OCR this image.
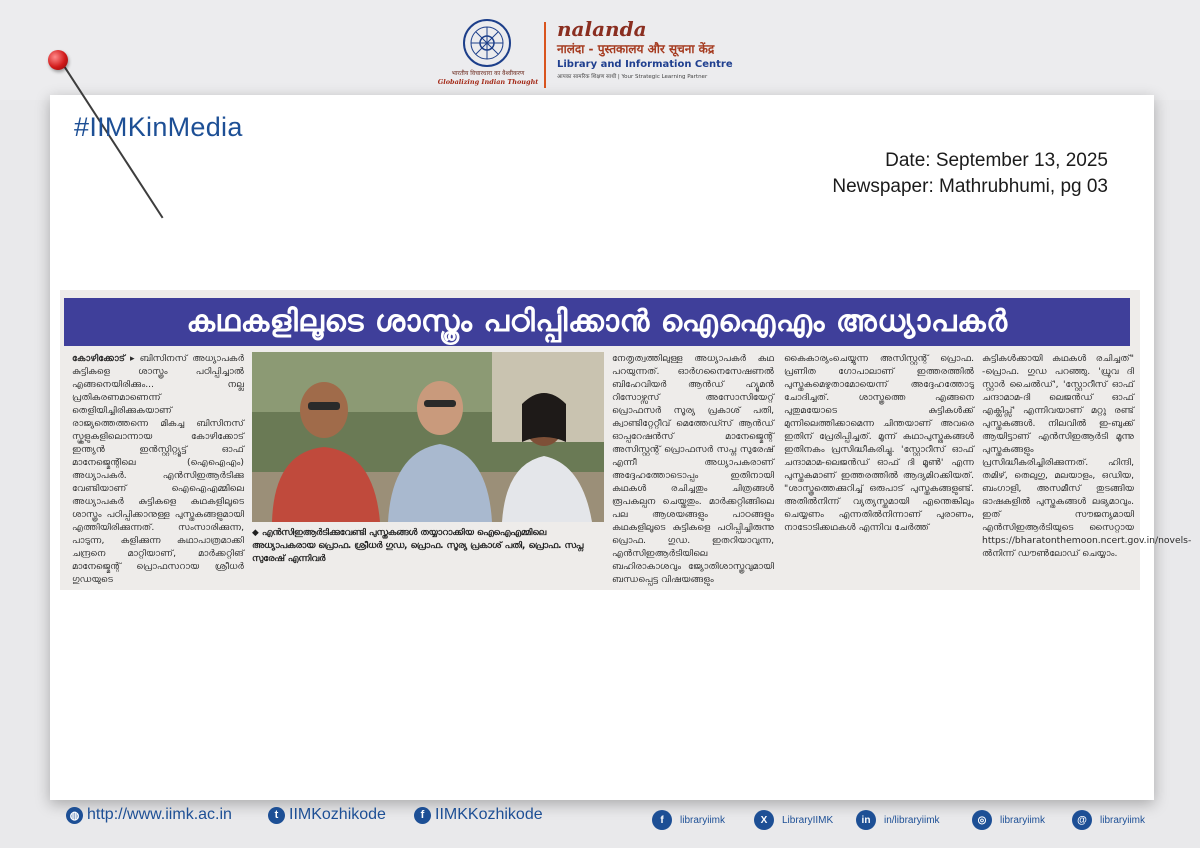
भारतीय विचारधारा का वैश्वीकरण
Globalizing Indian Thought
nalanda
नालंदा - पुस्तकालय और सूचना केंद्र
Library and Information Centre
आपका सामरिक शिक्षण साथी | Your Strategic Learning Partner
#IIMKinMedia
Date: September 13, 2025
Newspaper: Mathrubhumi, pg 03
കഥകളിലൂടെ ശാസ്ത്രം പഠിപ്പിക്കാൻ ഐഐഎം അധ്യാപകർ
കോഴിക്കോട് ▸ ബിസിനസ് അധ്യാപകർ കുട്ടികളെ ശാസ്ത്രം പഠിപ്പിച്ചാൽ എങ്ങനെയിരിക്കും... നല്ല പ്രതികരണമാണെന്ന് തെളിയിച്ചിരിക്കുകയാണ് രാജ്യത്തെത്തന്നെ മികച്ച ബിസിനസ് സ്കൂളുകളിലൊന്നായ കോഴിക്കോട് ഇന്ത്യൻ ഇൻസ്റ്റിറ്റ്യൂട്ട് ഓഫ് മാനേജ്മെന്റിലെ (ഐഐഎം) അധ്യാപകർ. എൻസിഇആർടിക്കു വേണ്ടിയാണ് ഐഐഎമ്മിലെ അധ്യാപകർ കുട്ടികളെ കഥകളിലൂടെ ശാസ്ത്രം പഠിപ്പിക്കാനുള്ള പുസ്തകങ്ങളുമായി എത്തിയിരിക്കുന്നത്. സംസാരിക്കുന്ന, പാടുന്ന, കളിക്കുന്ന കഥാപാത്രമാക്കി ചന്ദ്രനെ മാറ്റിയാണ്, മാർക്കറ്റിങ് മാനേജ്മെന്റ് പ്രൊഫസറായ ശ്രീധർ ഗുഡയുടെ
◆ എൻസിഇആർടിക്കുവേണ്ടി പുസ്തകങ്ങൾ തയ്യാറാക്കിയ ഐഐഎമ്മിലെ അധ്യാപകരായ പ്രൊഫ. ശ്രീധർ ഗുഡ, പ്രൊഫ. സൂര്യ പ്രകാശ് പതി, പ്രൊഫ. സപ്ന സുരേഷ് എന്നിവർ
നേതൃത്വത്തിലുള്ള അധ്യാപകർ കഥ പറയുന്നത്. ഓർഗനൈസേഷണൽ ബിഹേവിയർ ആൻഡ് ഹ്യൂമൻ റിസോഴ്സസ് അസോസിയേറ്റ് പ്രൊഫസർ സൂര്യ പ്രകാശ് പതി, ക്വാണ്ടിറ്റേറ്റീവ് മെത്തേഡ്സ് ആൻഡ് ഓപ്പറേഷൻസ് മാനേജ്മെന്റ് അസിസ്റ്റന്റ് പ്രൊഫസർ സപ്ന സുരേഷ് എന്നീ അധ്യാപകരാണ് അദ്ദേഹത്തോടൊപ്പം ഇതിനായി കഥകൾ രചിച്ചതും ചിത്രങ്ങൾ രൂപകല്പന ചെയ്തതും. മാർക്കറ്റിങ്ങിലെ പല ആശയങ്ങളും പാഠങ്ങളും കഥകളിലൂടെ കുട്ടികളെ പഠിപ്പിച്ചിരുന്നു പ്രൊഫ. ഗുഡ. ഇതറിയാവുന്ന, എൻസിഇആർടിയിലെ ബഹിരാകാശവും ജ്യോതിശാസ്ത്രവുമായി ബന്ധപ്പെട്ട വിഷയങ്ങളും
കൈകാര്യംചെയ്യുന്ന അസിസ്റ്റന്റ് പ്രൊഫ. പ്രണിത ഗോപാലാണ് ഇത്തരത്തിൽ പുസ്തകമെഴുതാമോയെന്ന് അദ്ദേഹത്തോടു ചോദിച്ചത്. ശാസ്ത്രത്തെ എങ്ങനെ പുതുമയോടെ കുട്ടികൾക്ക് മുന്നിലെത്തിക്കാമെന്ന ചിന്തയാണ് അവരെ ഇതിന് പ്രേരിപ്പിച്ചത്. മൂന്ന് കഥാപുസ്തകങ്ങൾ ഇതിനകം പ്രസിദ്ധീകരിച്ചു. 'സ്റ്റോറീസ് ഓഫ് ചന്ദാമാമ-ലെജൻഡ് ഓഫ് ദി മൂൺ' എന്ന പുസ്തകമാണ് ഇത്തരത്തിൽ ആദ്യമിറക്കിയത്. "ശാസ്ത്രത്തെക്കുറിച്ച് ഒരുപാട് പുസ്തകങ്ങളുണ്ട്. അതിൽനിന്ന് വ്യത്യസ്തമായി എന്തെങ്കിലും ചെയ്യണം എന്നതിൽനിന്നാണ് പുരാണം, നാടോടിക്കഥകൾ എന്നിവ ചേർത്ത്
കുട്ടികൾക്കായി കഥകൾ രചിച്ചത്" -പ്രൊഫ. ഗുഡ പറഞ്ഞു. 'ധ്രുവ ദി സ്റ്റാർ ചൈൽഡ്', 'സ്റ്റോറീസ് ഓഫ് ചന്ദാമാമ-ദി ലെജൻഡ് ഓഫ് എക്ലിപ്സ്' എന്നിവയാണ് മറ്റു രണ്ട് പുസ്തകങ്ങൾ. നിലവിൽ ഇ-ബുക്ക് ആയിട്ടാണ് എൻസിഇആർടി മൂന്നു പുസ്തകങ്ങളും പ്രസിദ്ധീകരിച്ചിരിക്കുന്നത്. ഹിന്ദി, തമിഴ്, തെലുഗു, മലയാളം, ഒഡിയ, ബംഗാളി, അസമീസ് തുടങ്ങിയ ഭാഷകളിൽ പുസ്തകങ്ങൾ ലഭ്യമാവും. ഇത് സൗജന്യമായി എൻസിഇആർടിയുടെ സൈറ്റായ https://bharatonthemoon.ncert.gov.in/novels-ൽനിന്ന് ഡൗൺലോഡ് ചെയ്യാം.
◍ http://www.iimk.ac.in	t IIMKozhikode	f IIMKKozhikode	f	libraryiimk	X	LibraryIIMK	in	in/libraryiimk	◎	libraryiimk	@	libraryiimk
